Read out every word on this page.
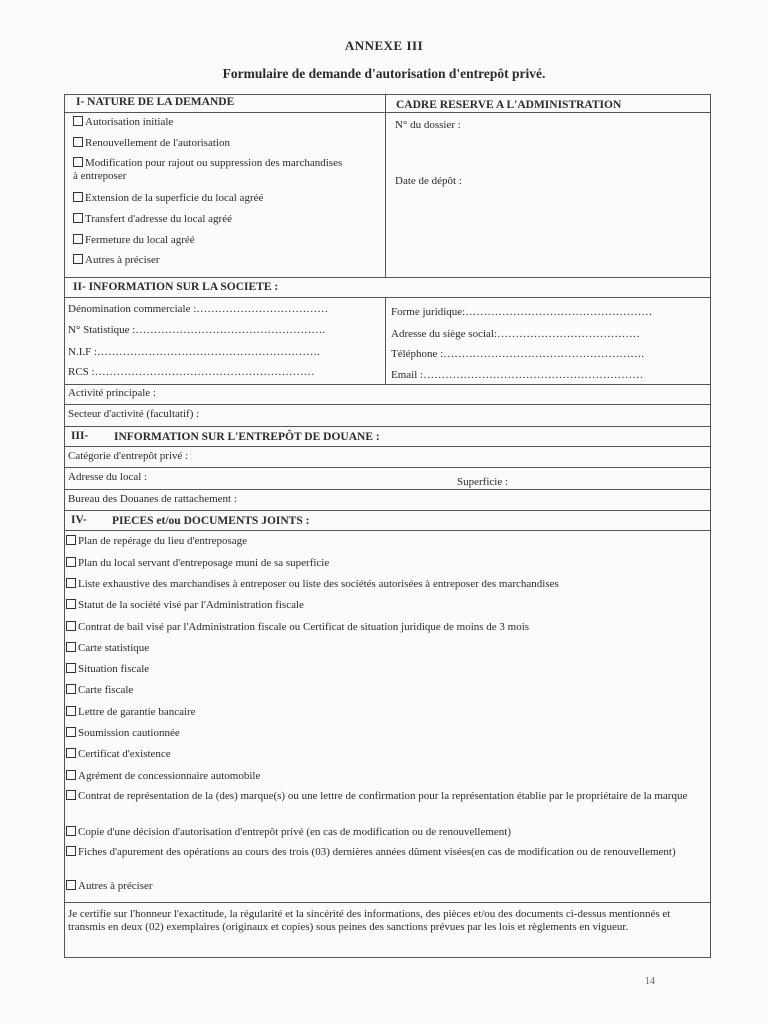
ANNEXE III
Formulaire de demande d'autorisation d'entrepôt privé.
I- NATURE DE LA DEMANDE
Autorisation initiale
Renouvellement de l'autorisation
Modification pour rajout ou suppression des marchandises à entreposer
Extension de la superficie du local agréé
Transfert d'adresse du local agréé
Fermeture du local agréé
Autres à préciser
CADRE RESERVE A L'ADMINISTRATION
N° du dossier :
Date de dépôt :
II- INFORMATION SUR LA SOCIETE :
Dénomination commerciale :………………………………
N° Statistique :…………………………………………….
N.I.F :…………………………………………………….
RCS :……………………………………………………
Forme juridique:……………………………………………
Adresse du siège social:…………………………………
Téléphone :……………………………………………….
Email :……………………………………………………
Activité principale :
Secteur d'activité (facultatif) :
III- INFORMATION SUR L'ENTREPÔT DE DOUANE :
Catégorie d'entrepôt privé :
Adresse du local :	Superficie :
Bureau des Douanes de rattachement :
IV- PIECES et/ou DOCUMENTS JOINTS :
Plan de repérage du lieu d'entreposage
Plan du local servant d'entreposage muni de sa superficie
Liste exhaustive des marchandises à entreposer ou liste des sociétés autorisées à entreposer des marchandises
Statut de la société visé par l'Administration fiscale
Contrat de bail visé par l'Administration fiscale ou Certificat de situation juridique de moins de 3 mois
Carte statistique
Situation fiscale
Carte fiscale
Lettre de garantie bancaire
Soumission cautionnée
Certificat d'existence
Agrément de concessionnaire automobile
Contrat de représentation de la (des) marque(s) ou une lettre de confirmation pour la représentation établie par le propriétaire de la marque
Copie d'une décision d'autorisation d'entrepôt privé (en cas de modification ou de renouvellement)
Fiches d'apurement des opérations au cours des trois (03) dernières années dûment visées(en cas de modification ou de renouvellement)
Autres à préciser
Je certifie sur l'honneur l'exactitude, la régularité et la sincérité des informations, des pièces et/ou des documents ci-dessus mentionnés et transmis en deux (02) exemplaires (originaux et copies) sous peines des sanctions prévues par les lois et règlements en vigueur.
14
